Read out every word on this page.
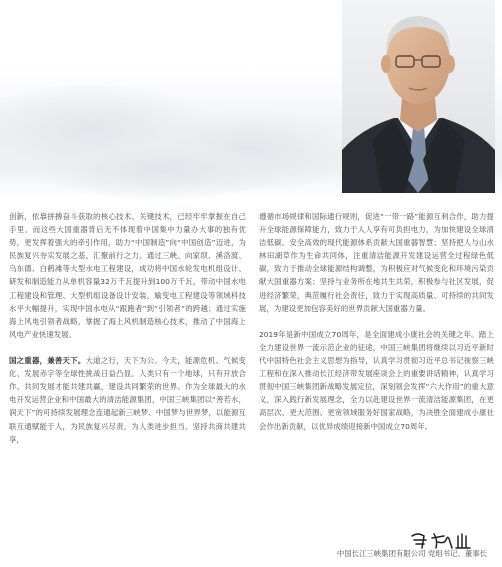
创新，依靠拼搏奋斗获取的核心技术、关键技术，已经牢牢掌握在自己手里。而这些大国重器背后无不体现着中国集中力量办大事的独有优势，更发挥着强大的牵引作用，助力“中国制造”向“中国创造”迈进，为民族复兴夯实发展之基、汇聚前行之力。通过三峡、向家坝、溪洛渡、乌东德、白鹤滩等大型水电工程建设，成功将中国水轮发电机组设计、研发和制造能力从单机容量32万千瓦提升到100万千瓦，带动中国水电工程建设和管理、大型机组设备设计安装、输变电工程建设等领域科技水平大幅提升，实现中国水电从“跟跑者”到“引领者”的跨越；通过实施海上风电引领者战略，掌握了海上风机制造核心技术，推动了中国海上风电产业快速发展。

国之重器，兼善天下。大道之行，天下为公。今天，能源危机、气候变化、发展赤字等全球性挑战日益凸显。人类只有一个地球，只有开放合作、共同发展才能共建共赢，建设共同繁荣的世界。作为全球最大的水电开发运营企业和中国最大的清洁能源集团，中国三峡集团以“善若水，润天下”的可持续发展理念连通起新三峡梦、中国梦与世界梦，以能源互联互通赋能于人，为民族复兴尽责，为人类进步担当。坚持共商共建共享，

遵循市场规律和国际通行规则，促进“一带一路”能源互利合作，助力提升全球能源保障能力，致力于人人享有可负担电力，为加快建设全球清洁低碳、安全高效的现代能源体系贡献大国重器智慧；坚持把人与山水林田湖草作为生命共同体，注重清洁能源开发建设运营全过程绿色低碳，致力于推动全球能源结构调整，为积极应对气候变化和环境污染贡献大国重器方案；坚持与业务所在地共生共荣，积极参与社区发展，促进经济繁荣，典范履行社会责任，致力于实现高质量、可持续的共同发展，为建设更加包容美好的世界贡献大国重器力量。

2019年是新中国成立70周年，是全面建成小康社会的关键之年。踏上全力建设世界一流示范企业的征途，中国三峡集团将继续以习近平新时代中国特色社会主义思想为指导，认真学习贯彻习近平总书记视察三峡工程和在深入推动长江经济带发展座谈会上的重要讲话精神，认真学习贯彻中国三峡集团新战略发展定位，深刻领会发挥“六大作用”的重大意义，深入践行新发展理念，全力以赴建设世界一流清洁能源集团，在更高层次、更大范围、更宽领域服务好国家战略，为决胜全面建成小康社会作出新贡献，以优异成绩迎接新中国成立70周年。

中国长江三峡集团有限公司 党组书记、董事长
